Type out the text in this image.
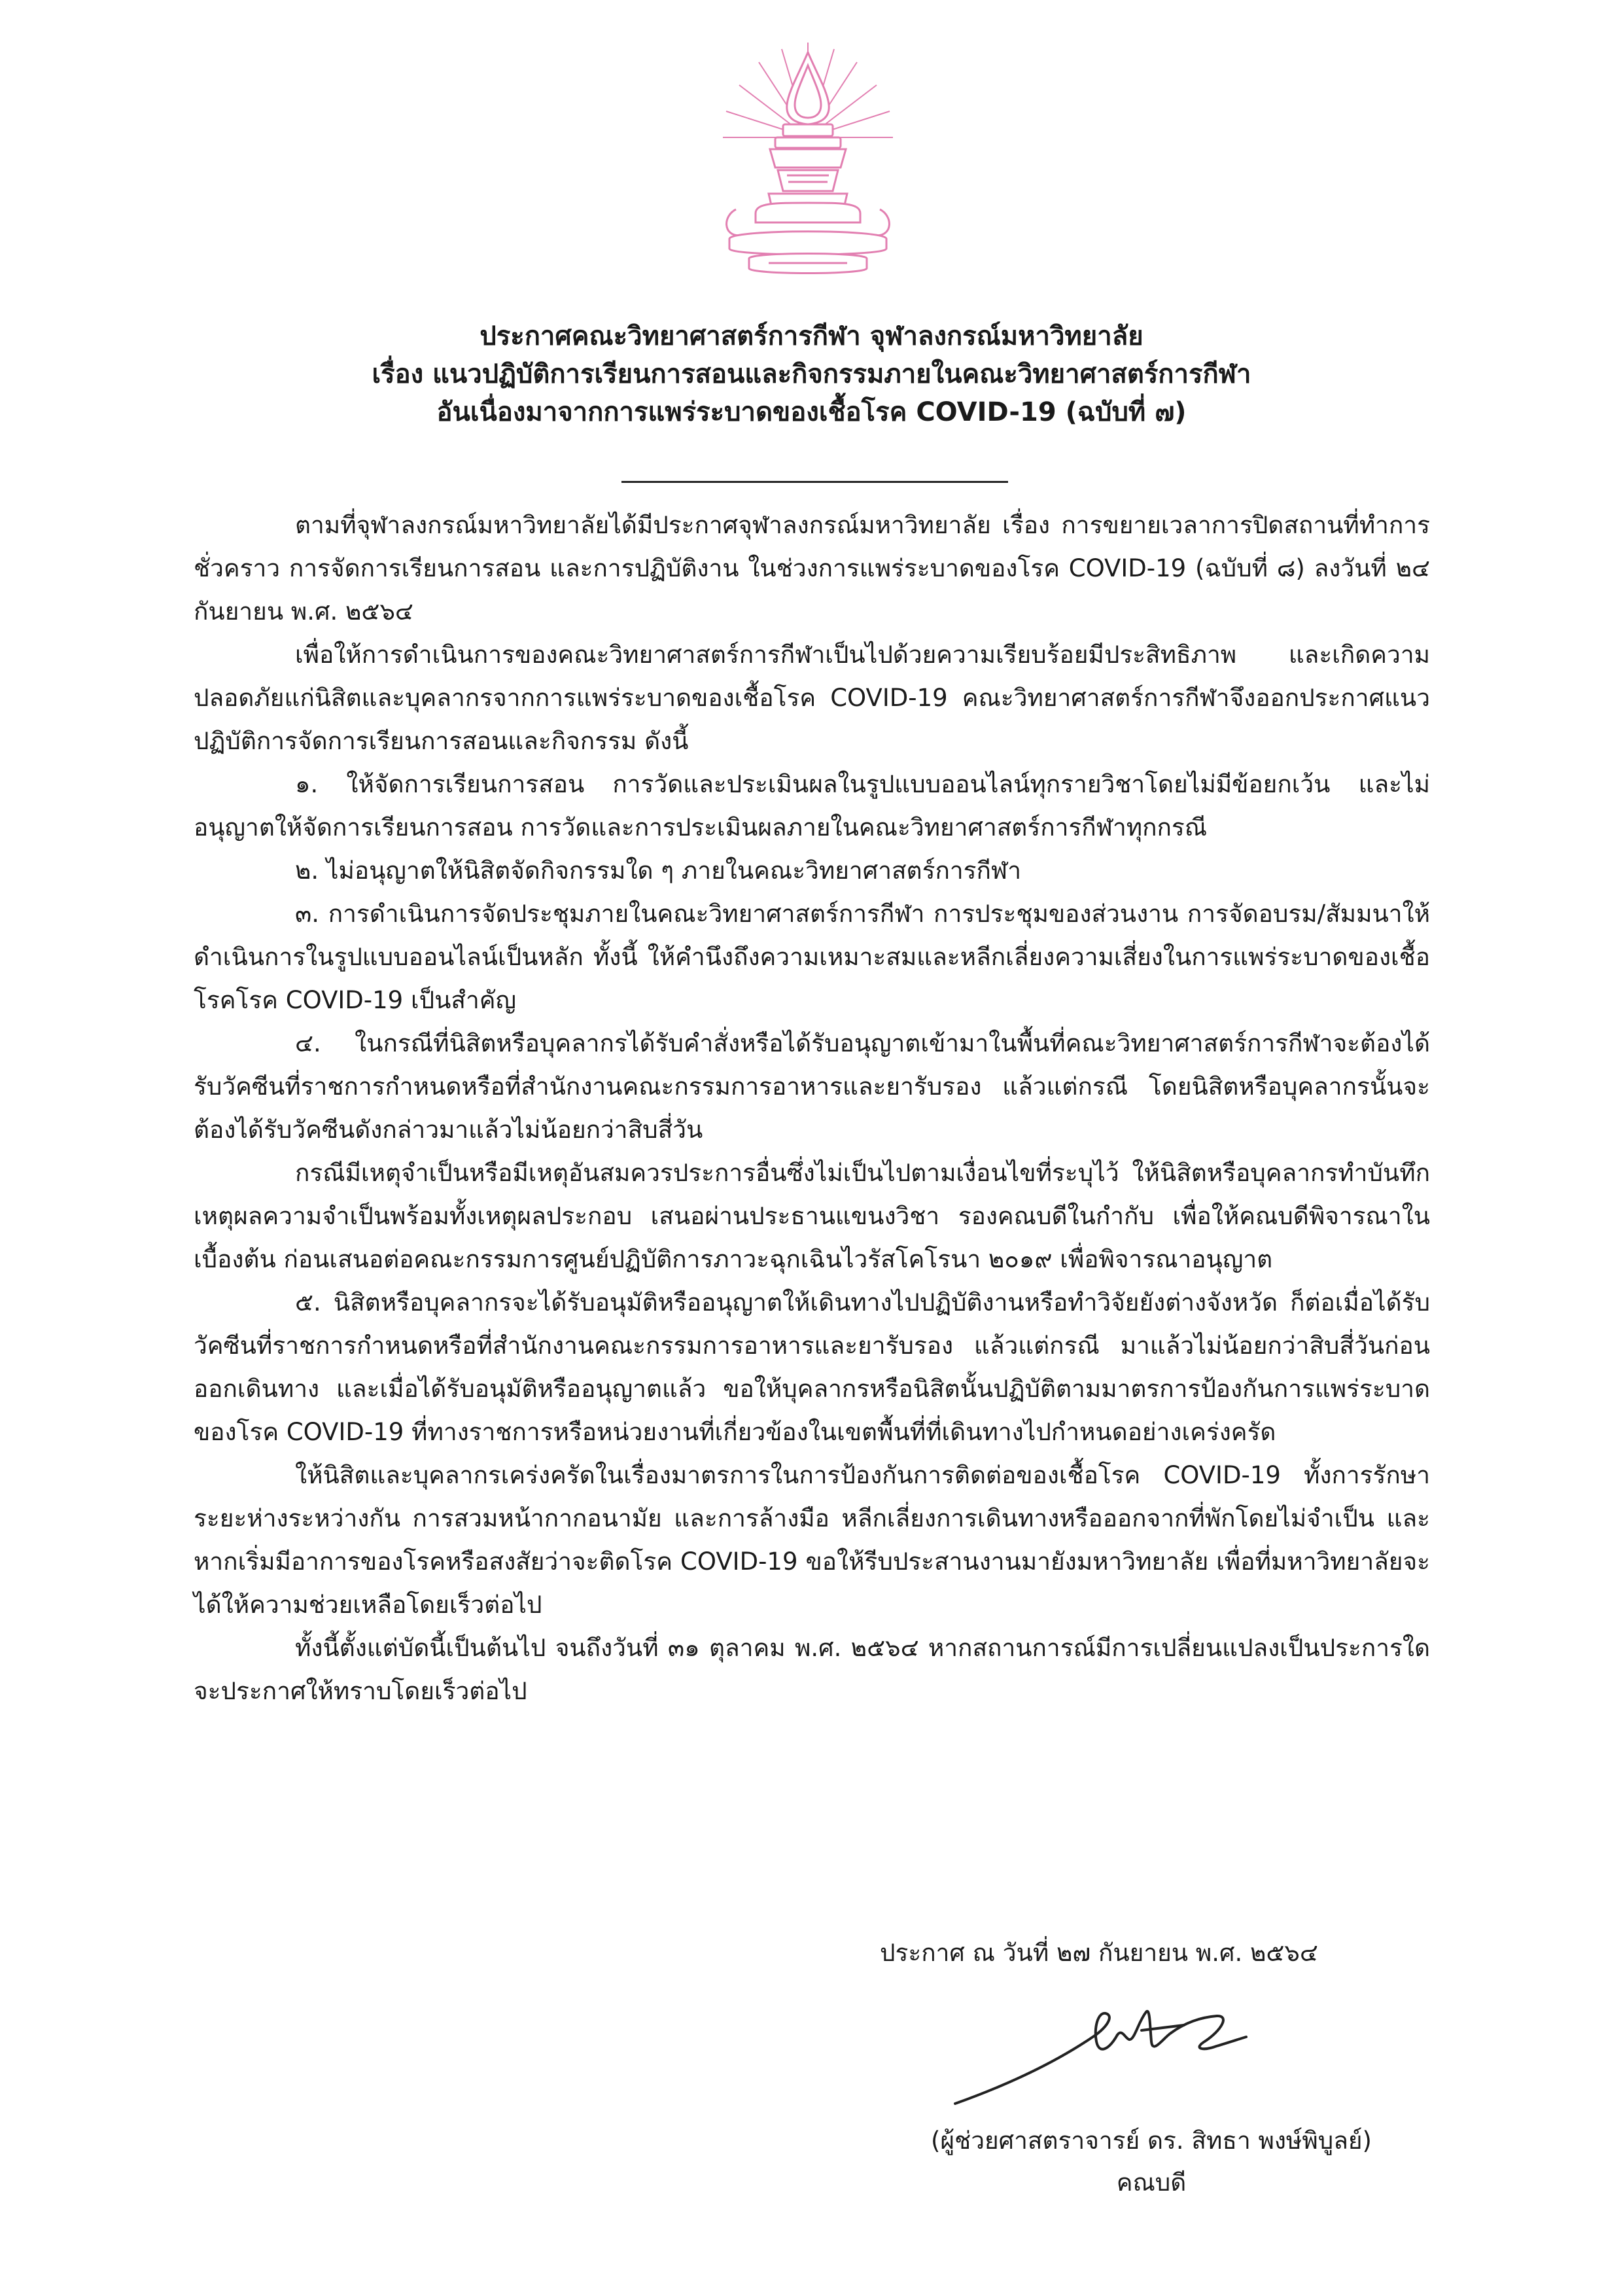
ประกาศคณะวิทยาศาสตร์การกีฬา จุฬาลงกรณ์มหาวิทยาลัย
เรื่อง แนวปฏิบัติการเรียนการสอนและกิจกรรมภายในคณะวิทยาศาสตร์การกีฬา
อันเนื่องมาจากการแพร่ระบาดของเชื้อโรค COVID-19 (ฉบับที่ ๗)

ตามที่จุฬาลงกรณ์มหาวิทยาลัยได้มีประกาศจุฬาลงกรณ์มหาวิทยาลัย เรื่อง การขยายเวลาการปิดสถานที่ทำการชั่วคราว การจัดการเรียนการสอน และการปฏิบัติงาน ในช่วงการแพร่ระบาดของโรค COVID-19 (ฉบับที่ ๘) ลงวันที่ ๒๔ กันยายน พ.ศ. ๒๕๖๔

เพื่อให้การดำเนินการของคณะวิทยาศาสตร์การกีฬาเป็นไปด้วยความเรียบร้อยมีประสิทธิภาพ และเกิดความปลอดภัยแก่นิสิตและบุคลากรจากการแพร่ระบาดของเชื้อโรค COVID-19 คณะวิทยาศาสตร์การกีฬาจึงออกประกาศแนวปฏิบัติการจัดการเรียนการสอนและกิจกรรม ดังนี้

๑. ให้จัดการเรียนการสอน การวัดและประเมินผลในรูปแบบออนไลน์ทุกรายวิชาโดยไม่มีข้อยกเว้น และไม่อนุญาตให้จัดการเรียนการสอน การวัดและการประเมินผลภายในคณะวิทยาศาสตร์การกีฬาทุกกรณี

๒. ไม่อนุญาตให้นิสิตจัดกิจกรรมใด ๆ ภายในคณะวิทยาศาสตร์การกีฬา

๓. การดำเนินการจัดประชุมภายในคณะวิทยาศาสตร์การกีฬา การประชุมของส่วนงาน การจัดอบรม/สัมมนาให้ดำเนินการในรูปแบบออนไลน์เป็นหลัก ทั้งนี้ ให้คำนึงถึงความเหมาะสมและหลีกเลี่ยงความเสี่ยงในการแพร่ระบาดของเชื้อโรคโรค COVID-19 เป็นสำคัญ

๔. ในกรณีที่นิสิตหรือบุคลากรได้รับคำสั่งหรือได้รับอนุญาตเข้ามาในพื้นที่คณะวิทยาศาสตร์การกีฬาจะต้องได้รับวัคซีนที่ราชการกำหนดหรือที่สำนักงานคณะกรรมการอาหารและยารับรอง แล้วแต่กรณี โดยนิสิตหรือบุคลากรนั้นจะต้องได้รับวัคซีนดังกล่าวมาแล้วไม่น้อยกว่าสิบสี่วัน

กรณีมีเหตุจำเป็นหรือมีเหตุอันสมควรประการอื่นซึ่งไม่เป็นไปตามเงื่อนไขที่ระบุไว้ ให้นิสิตหรือบุคลากรทำบันทึกเหตุผลความจำเป็นพร้อมทั้งเหตุผลประกอบ เสนอผ่านประธานแขนงวิชา รองคณบดีในกำกับ เพื่อให้คณบดีพิจารณาในเบื้องต้น ก่อนเสนอต่อคณะกรรมการศูนย์ปฏิบัติการภาวะฉุกเฉินไวรัสโคโรนา ๒๐๑๙ เพื่อพิจารณาอนุญาต

๕. นิสิตหรือบุคลากรจะได้รับอนุมัติหรืออนุญาตให้เดินทางไปปฏิบัติงานหรือทำวิจัยยังต่างจังหวัด ก็ต่อเมื่อได้รับวัคซีนที่ราชการกำหนดหรือที่สำนักงานคณะกรรมการอาหารและยารับรอง แล้วแต่กรณี มาแล้วไม่น้อยกว่าสิบสี่วันก่อนออกเดินทาง และเมื่อได้รับอนุมัติหรืออนุญาตแล้ว ขอให้บุคลากรหรือนิสิตนั้นปฏิบัติตามมาตรการป้องกันการแพร่ระบาดของโรค COVID-19 ที่ทางราชการหรือหน่วยงานที่เกี่ยวข้องในเขตพื้นที่ที่เดินทางไปกำหนดอย่างเคร่งครัด

ให้นิสิตและบุคลากรเคร่งครัดในเรื่องมาตรการในการป้องกันการติดต่อของเชื้อโรค COVID-19 ทั้งการรักษาระยะห่างระหว่างกัน การสวมหน้ากากอนามัย และการล้างมือ หลีกเลี่ยงการเดินทางหรือออกจากที่พักโดยไม่จำเป็น และหากเริ่มมีอาการของโรคหรือสงสัยว่าจะติดโรค COVID-19 ขอให้รีบประสานงานมายังมหาวิทยาลัย เพื่อที่มหาวิทยาลัยจะได้ให้ความช่วยเหลือโดยเร็วต่อไป

ทั้งนี้ตั้งแต่บัดนี้เป็นต้นไป จนถึงวันที่ ๓๑ ตุลาคม พ.ศ. ๒๕๖๔ หากสถานการณ์มีการเปลี่ยนแปลงเป็นประการใด จะประกาศให้ทราบโดยเร็วต่อไป

ประกาศ ณ วันที่ ๒๗ กันยายน พ.ศ. ๒๕๖๔
(ผู้ช่วยศาสตราจารย์ ดร. สิทธา พงษ์พิบูลย์)
คณบดี
